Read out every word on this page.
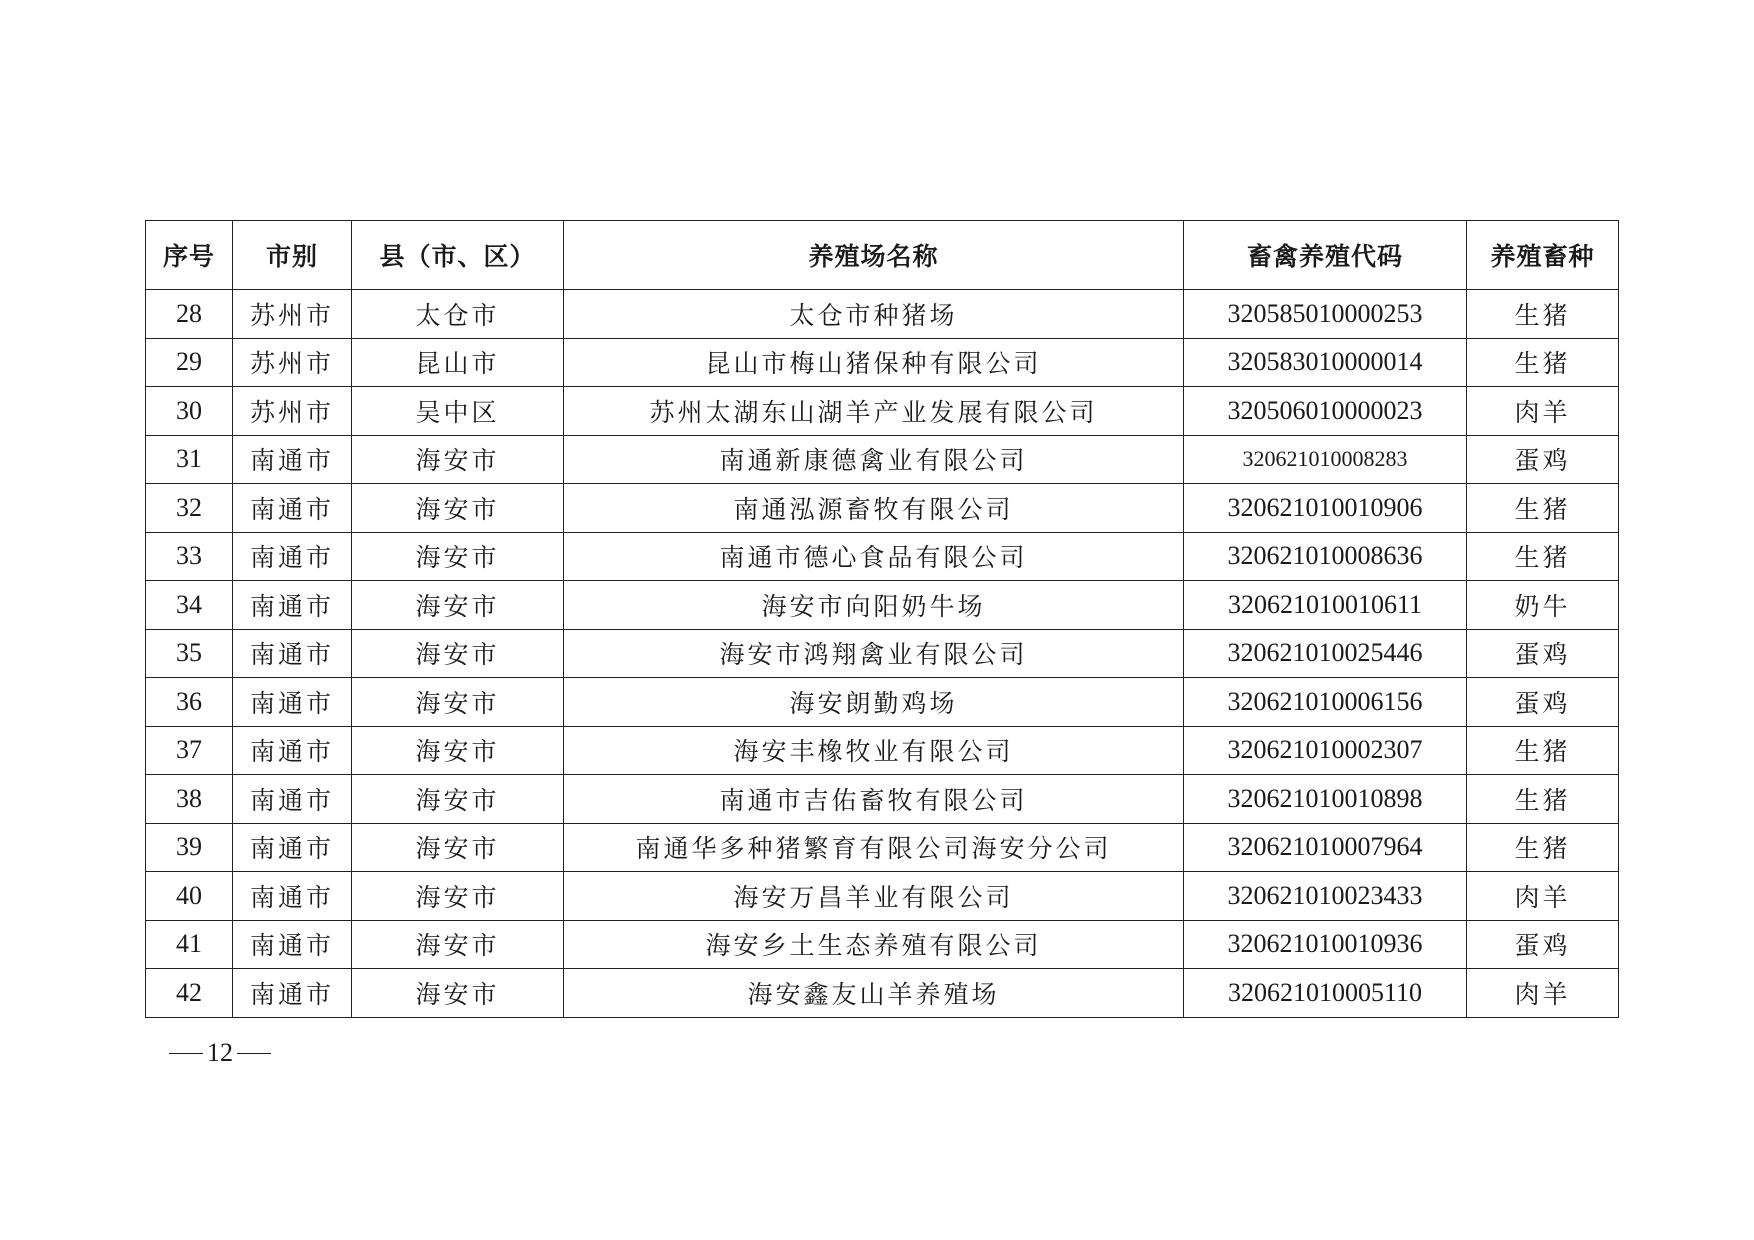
序号	市别	县（市、区）	养殖场名称	畜禽养殖代码	养殖畜种
28	苏州市	太仓市	太仓市种猪场	320585010000253	生猪
29	苏州市	昆山市	昆山市梅山猪保种有限公司	320583010000014	生猪
30	苏州市	吴中区	苏州太湖东山湖羊产业发展有限公司	320506010000023	肉羊
31	南通市	海安市	南通新康德禽业有限公司	320621010008283	蛋鸡
32	南通市	海安市	南通泓源畜牧有限公司	320621010010906	生猪
33	南通市	海安市	南通市德心食品有限公司	320621010008636	生猪
34	南通市	海安市	海安市向阳奶牛场	320621010010611	奶牛
35	南通市	海安市	海安市鸿翔禽业有限公司	320621010025446	蛋鸡
36	南通市	海安市	海安朗勤鸡场	320621010006156	蛋鸡
37	南通市	海安市	海安丰橡牧业有限公司	320621010002307	生猪
38	南通市	海安市	南通市吉佑畜牧有限公司	320621010010898	生猪
39	南通市	海安市	南通华多种猪繁育有限公司海安分公司	320621010007964	生猪
40	南通市	海安市	海安万昌羊业有限公司	320621010023433	肉羊
41	南通市	海安市	海安乡土生态养殖有限公司	320621010010936	蛋鸡
42	南通市	海安市	海安鑫友山羊养殖场	320621010005110	肉羊
12
